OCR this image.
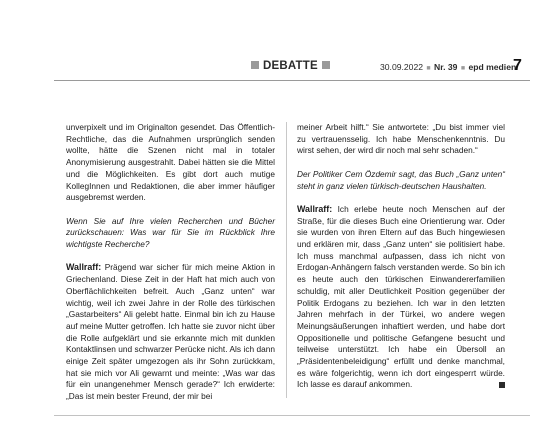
DEBATTE	30.09.2022 ■ Nr. 39 ■ epd medien
7

unverpixelt und im Originalton gesendet. Das Öffentlich-Rechtliche, das die Aufnahmen ursprünglich senden wollte, hätte die Szenen nicht mal in totaler Anonymisierung ausgestrahlt. Dabei hätten sie die Mittel und die Möglichkeiten. Es gibt dort auch mutige KollegInnen und Redaktionen, die aber immer häufiger ausgebremst werden.

Wenn Sie auf Ihre vielen Recherchen und Bücher zurückschauen: Was war für Sie im Rückblick Ihre wichtigste Recherche?

Wallraff: Prägend war sicher für mich meine Aktion in Griechenland. Diese Zeit in der Haft hat mich auch von Oberflächlichkeiten befreit. Auch „Ganz unten“ war wichtig, weil ich zwei Jahre in der Rolle des türkischen „Gastarbeiters“ Ali gelebt hatte. Einmal bin ich zu Hause auf meine Mutter getroffen. Ich hatte sie zuvor nicht über die Rolle aufgeklärt und sie erkannte mich mit dunklen Kontaktlinsen und schwarzer Perücke nicht. Als ich dann einige Zeit später umgezogen als ihr Sohn zurückkam, hat sie mich vor Ali gewarnt und meinte: „Was war das für ein unangenehmer Mensch gerade?“ Ich erwiderte: „Das ist mein bester Freund, der mir bei

meiner Arbeit hilft.“ Sie antwortete: „Du bist immer viel zu vertrauensselig. Ich habe Menschenkenntnis. Du wirst sehen, der wird dir noch mal sehr schaden.“

Der Politiker Cem Özdemir sagt, das Buch „Ganz unten“ steht in ganz vielen türkisch-deutschen Haushalten.

Wallraff: Ich erlebe heute noch Menschen auf der Straße, für die dieses Buch eine Orientierung war. Oder sie wurden von ihren Eltern auf das Buch hingewiesen und erklären mir, dass „Ganz unten“ sie politisiert habe. Ich muss manchmal aufpassen, dass ich nicht von Erdogan-Anhängern falsch verstanden werde. So bin ich es heute auch den türkischen Einwandererfamilien schuldig, mit aller Deutlichkeit Position gegenüber der Politik Erdogans zu beziehen. Ich war in den letzten Jahren mehrfach in der Türkei, wo andere wegen Meinungsäußerungen inhaftiert werden, und habe dort Oppositionelle und politische Gefangene besucht und teilweise unterstützt. Ich habe ein Übersoll an „Präsidentenbeleidigung“ erfüllt und denke manchmal, es wäre folgerichtig, wenn ich dort eingesperrt würde. Ich lasse es darauf ankommen.
